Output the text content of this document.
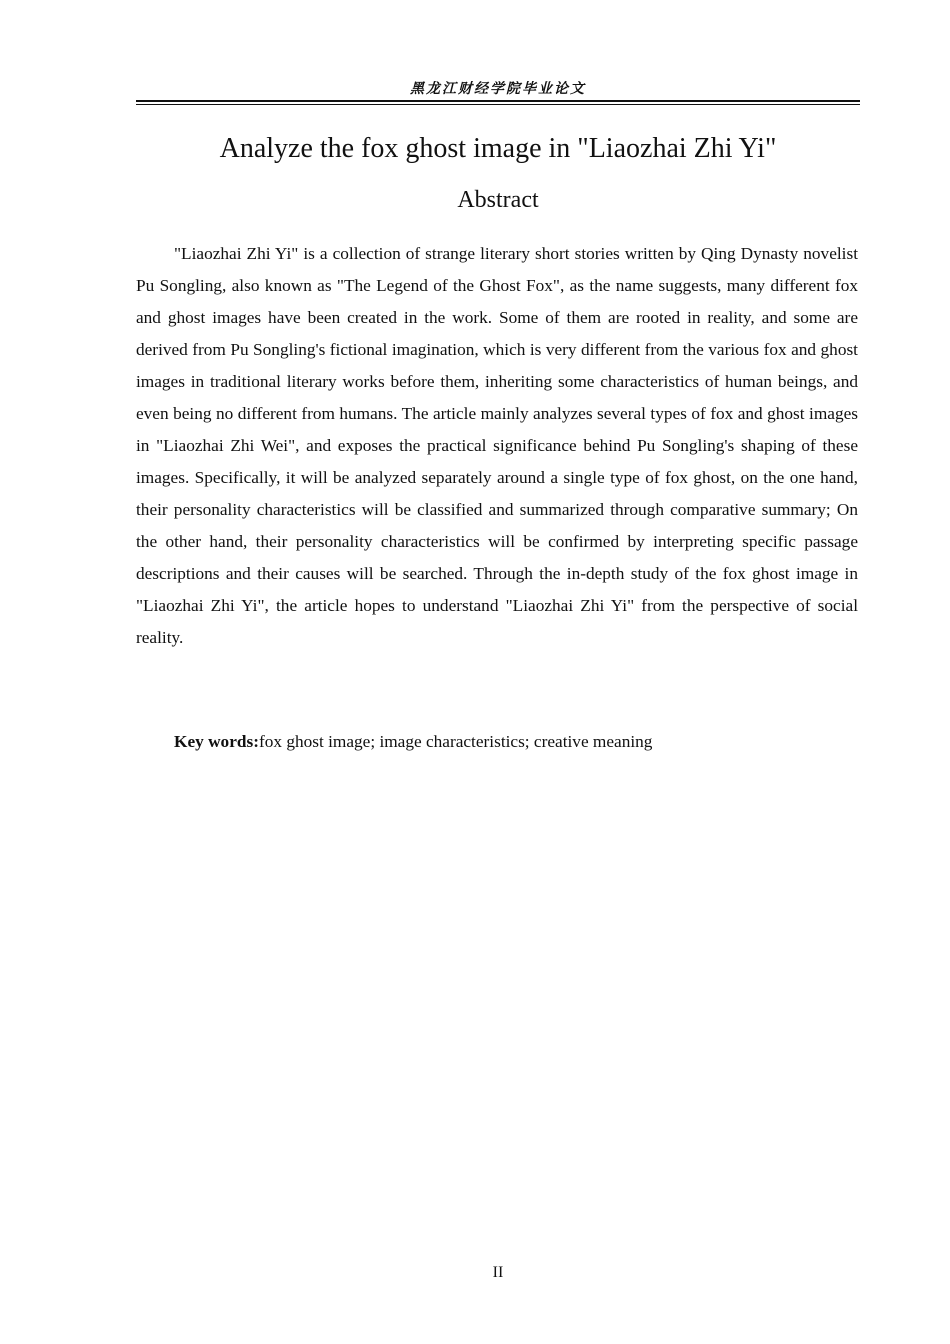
黑龙江财经学院毕业论文
Analyze the fox ghost image in "Liaozhai Zhi Yi"
Abstract

"Liaozhai Zhi Yi" is a collection of strange literary short stories written by Qing Dynasty novelist Pu Songling, also known as "The Legend of the Ghost Fox", as the name suggests, many different fox and ghost images have been created in the work. Some of them are rooted in reality, and some are derived from Pu Songling's fictional imagination, which is very different from the various fox and ghost images in traditional literary works before them, inheriting some characteristics of human beings, and even being no different from humans. The article mainly analyzes several types of fox and ghost images in "Liaozhai Zhi Wei", and exposes the practical significance behind Pu Songling's shaping of these images. Specifically, it will be analyzed separately around a single type of fox ghost, on the one hand, their personality characteristics will be classified and summarized through comparative summary; On the other hand, their personality characteristics will be confirmed by interpreting specific passage descriptions and their causes will be searched. Through the in-depth study of the fox ghost image in "Liaozhai Zhi Yi", the article hopes to understand "Liaozhai Zhi Yi" from the perspective of social reality.

Key words:fox ghost image; image characteristics; creative meaning
II
